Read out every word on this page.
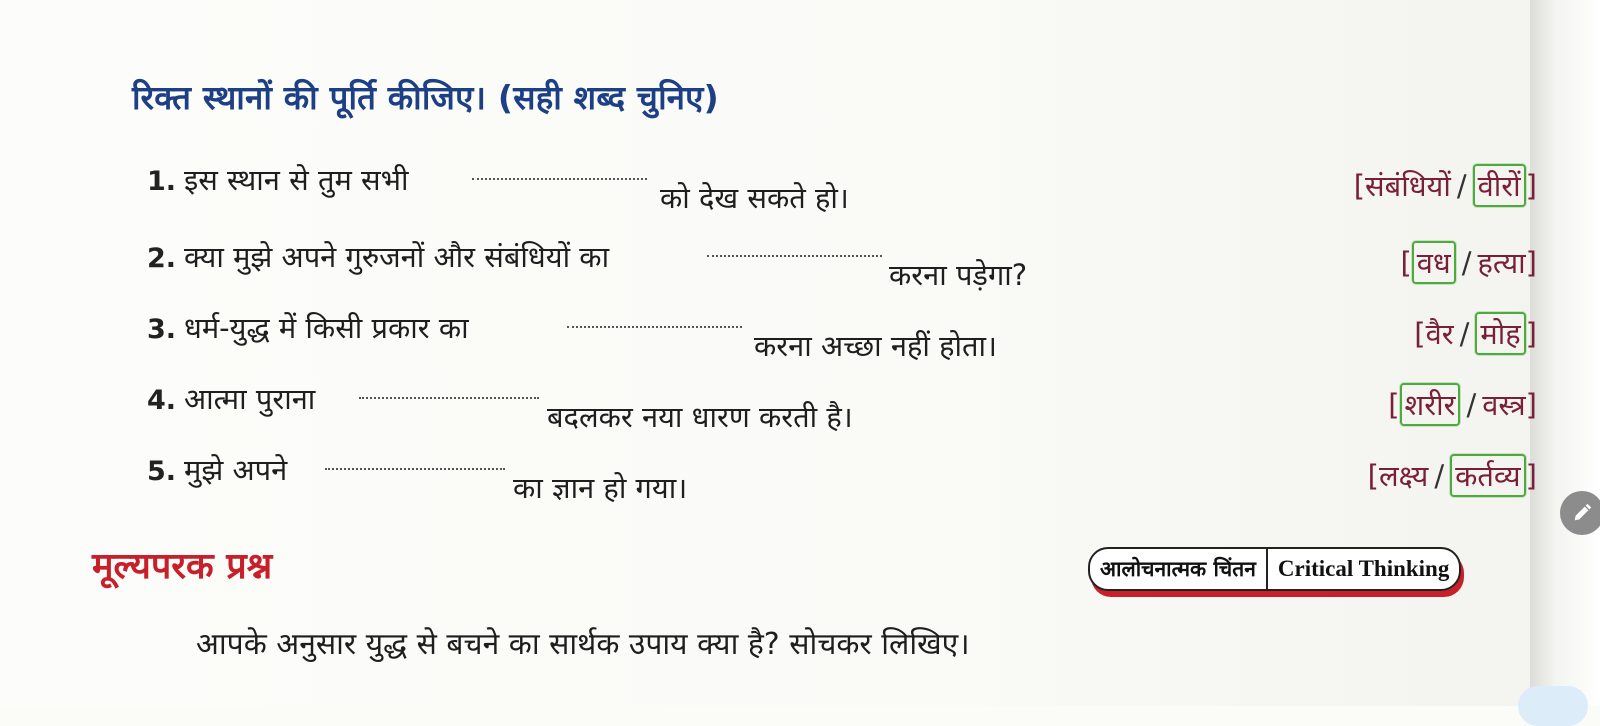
रिक्त स्थानों की पूर्ति कीजिए। (सही शब्द चुनिए)
1. इस स्थान से तुम सभी
को देख सकते हो।	[ संबंधियों / वीरों ]
2. क्या मुझे अपने गुरुजनों और संबंधियों का
करना पड़ेगा?	[ वध / हत्या ]
3. धर्म-युद्ध में किसी प्रकार का
करना अच्छा नहीं होता।	[ वैर / मोह ]
4. आत्मा पुराना
बदलकर नया धारण करती है।	[ शरीर / वस्त्र ]
5. मुझे अपने
का ज्ञान हो गया।	[ लक्ष्य / कर्तव्य ]
मूल्यपरक प्रश्न	आलोचनात्मक चिंतन Critical Thinking
आपके अनुसार युद्ध से बचने का सार्थक उपाय क्या है? सोचकर लिखिए।
